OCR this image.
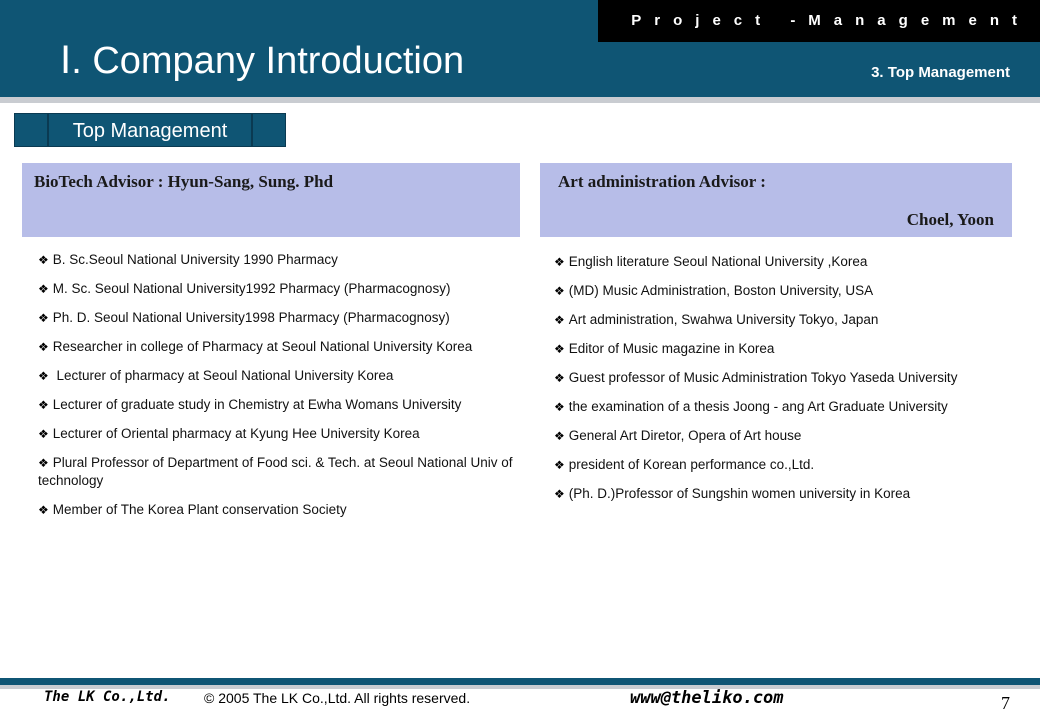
Project -Management
Ⅰ. Company Introduction	3. Top Management
Top Management
BioTech Advisor : Hyun-Sang, Sung. Phd	Art administration Advisor :
Choel, Yoon
❖ B. Sc.Seoul National University 1990 Pharmacy
❖ M. Sc. Seoul National University1992 Pharmacy (Pharmacognosy)
❖ Ph. D. Seoul National University1998 Pharmacy (Pharmacognosy)
❖ Researcher in college of Pharmacy at Seoul National University Korea
❖ Lecturer of pharmacy at Seoul National University Korea
❖ Lecturer of graduate study in Chemistry at Ewha Womans University
❖ Lecturer of Oriental pharmacy at Kyung Hee University Korea
❖ Plural Professor of Department of Food sci. & Tech. at Seoul National Univ of technology
❖ Member of The Korea Plant conservation Society
❖ English literature Seoul National University ,Korea
❖ (MD) Music Administration, Boston University, USA
❖ Art administration, Swahwa University Tokyo, Japan
❖ Editor of Music magazine in Korea
❖ Guest professor of Music Administration Tokyo Yaseda University
❖ the examination of a thesis Joong - ang Art Graduate University
❖ General Art Diretor, Opera of Art house
❖ president of Korean performance co.,Ltd.
❖ (Ph. D.)Professor of Sungshin women university in Korea
The LK Co.,Ltd. © 2005 The LK Co.,Ltd. All rights reserved.	www@theliko.com	7
